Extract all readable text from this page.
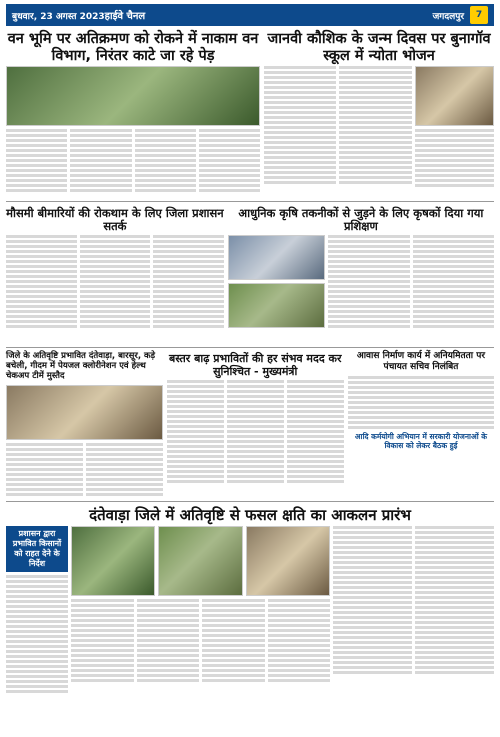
बुधवार, 23 अगस्त 2023 हाईवे चैनल	जगदलपुर	7
वन भूमि पर अतिक्रमण को रोकने में नाकाम वन विभाग, निरंतर काटे जा रहे पेड़
जानवी कौशिक के जन्म दिवस पर बुनागॉव स्कूल में न्योता भोजन
मौसमी बीमारियों की रोकथाम के लिए जिला प्रशासन सतर्क
आधुनिक कृषि तकनीकों से जुड़ने के लिए कृषकों दिया गया प्रशिक्षण
जिले के अतिवृष्टि प्रभावित दंतेवाड़ा, बारसूर, कड़े बचेली, गीदम में पेयजल क्लोरीनेशन एवं हेल्थ चेकअप टीमें मुस्तैद
बस्तर बाढ़ प्रभावितों की हर संभव मदद कर सुनिश्चित - मुख्यमंत्री
आवास निर्माण कार्य में अनियमितता पर पंचायत सचिव निलंबित
आदि कर्मयोगी अभियान में सरकारी योजनाओं के विकास को लेकर बैठक हुई
दंतेवाड़ा जिले में अतिवृष्टि से फसल क्षति का आकलन प्रारंभ
प्रशासन द्वारा प्रभावित किसानों को राहत देने के निर्देश
